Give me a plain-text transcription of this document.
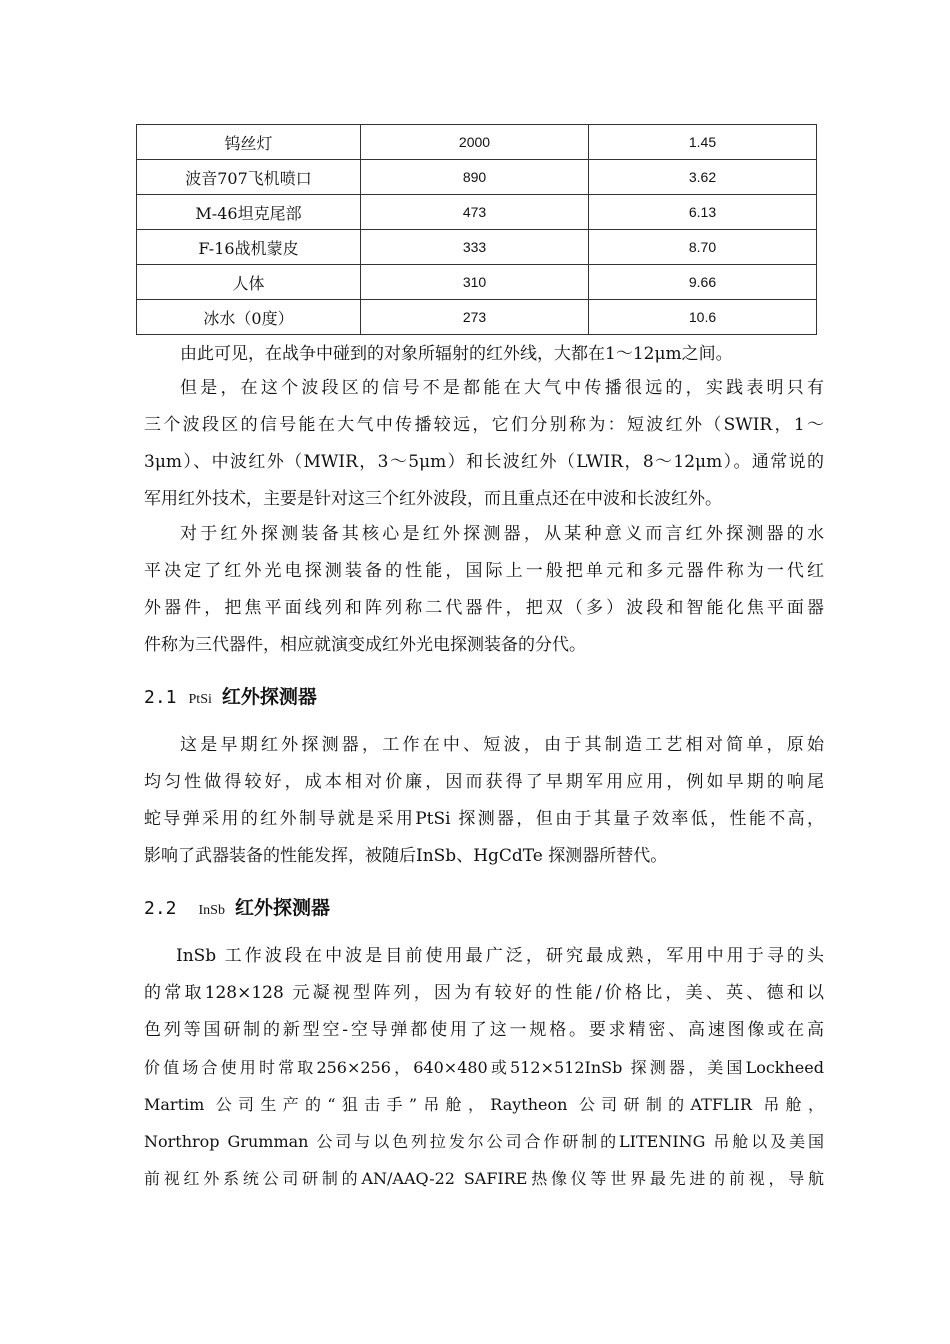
钨丝灯	2000	1.45
波音707飞机喷口	890	3.62
M-46坦克尾部	473	6.13
F-16战机蒙皮	333	8.70
人体	310	9.66
冰水（0度）	273	10.6
由此可见，在战争中碰到的对象所辐射的红外线，大都在1～12μm之间。
但是，在这个波段区的信号不是都能在大气中传播很远的，实践表明只有
三个波段区的信号能在大气中传播较远，它们分别称为：短波红外（SWIR，1～
3μm）、中波红外（MWIR，3～5μm）和长波红外（LWIR，8～12μm）。通常说的
军用红外技术，主要是针对这三个红外波段，而且重点还在中波和长波红外。
对于红外探测装备其核心是红外探测器，从某种意义而言红外探测器的水
平决定了红外光电探测装备的性能，国际上一般把单元和多元器件称为一代红
外器件，把焦平面线列和阵列称二代器件，把双（多）波段和智能化焦平面器
件称为三代器件，相应就演变成红外光电探测装备的分代。
2.1 PtSi 红外探测器
这是早期红外探测器，工作在中、短波，由于其制造工艺相对简单，原始
均匀性做得较好，成本相对价廉，因而获得了早期军用应用，例如早期的响尾
蛇导弹采用的红外制导就是采用PtSi 探测器，但由于其量子效率低，性能不高，
影响了武器装备的性能发挥，被随后InSb、HgCdTe 探测器所替代。
2.2 InSb 红外探测器
InSb 工作波段在中波是目前使用最广泛，研究最成熟，军用中用于寻的头
的常取128×128 元凝视型阵列，因为有较好的性能/价格比，美、英、德和以
色列等国研制的新型空-空导弹都使用了这一规格。要求精密、高速图像或在高
价值场合使用时常取256×256，640×480或512×512InSb 探测器，美国Lockheed
Martim 公司生产的“狙击手”吊舱，Raytheon 公司研制的ATFLIR 吊舱，
Northrop Grumman 公司与以色列拉发尔公司合作研制的LITENING 吊舱以及美国
前视红外系统公司研制的AN/AAQ-22 SAFIRE热像仪等世界最先进的前视，导航
